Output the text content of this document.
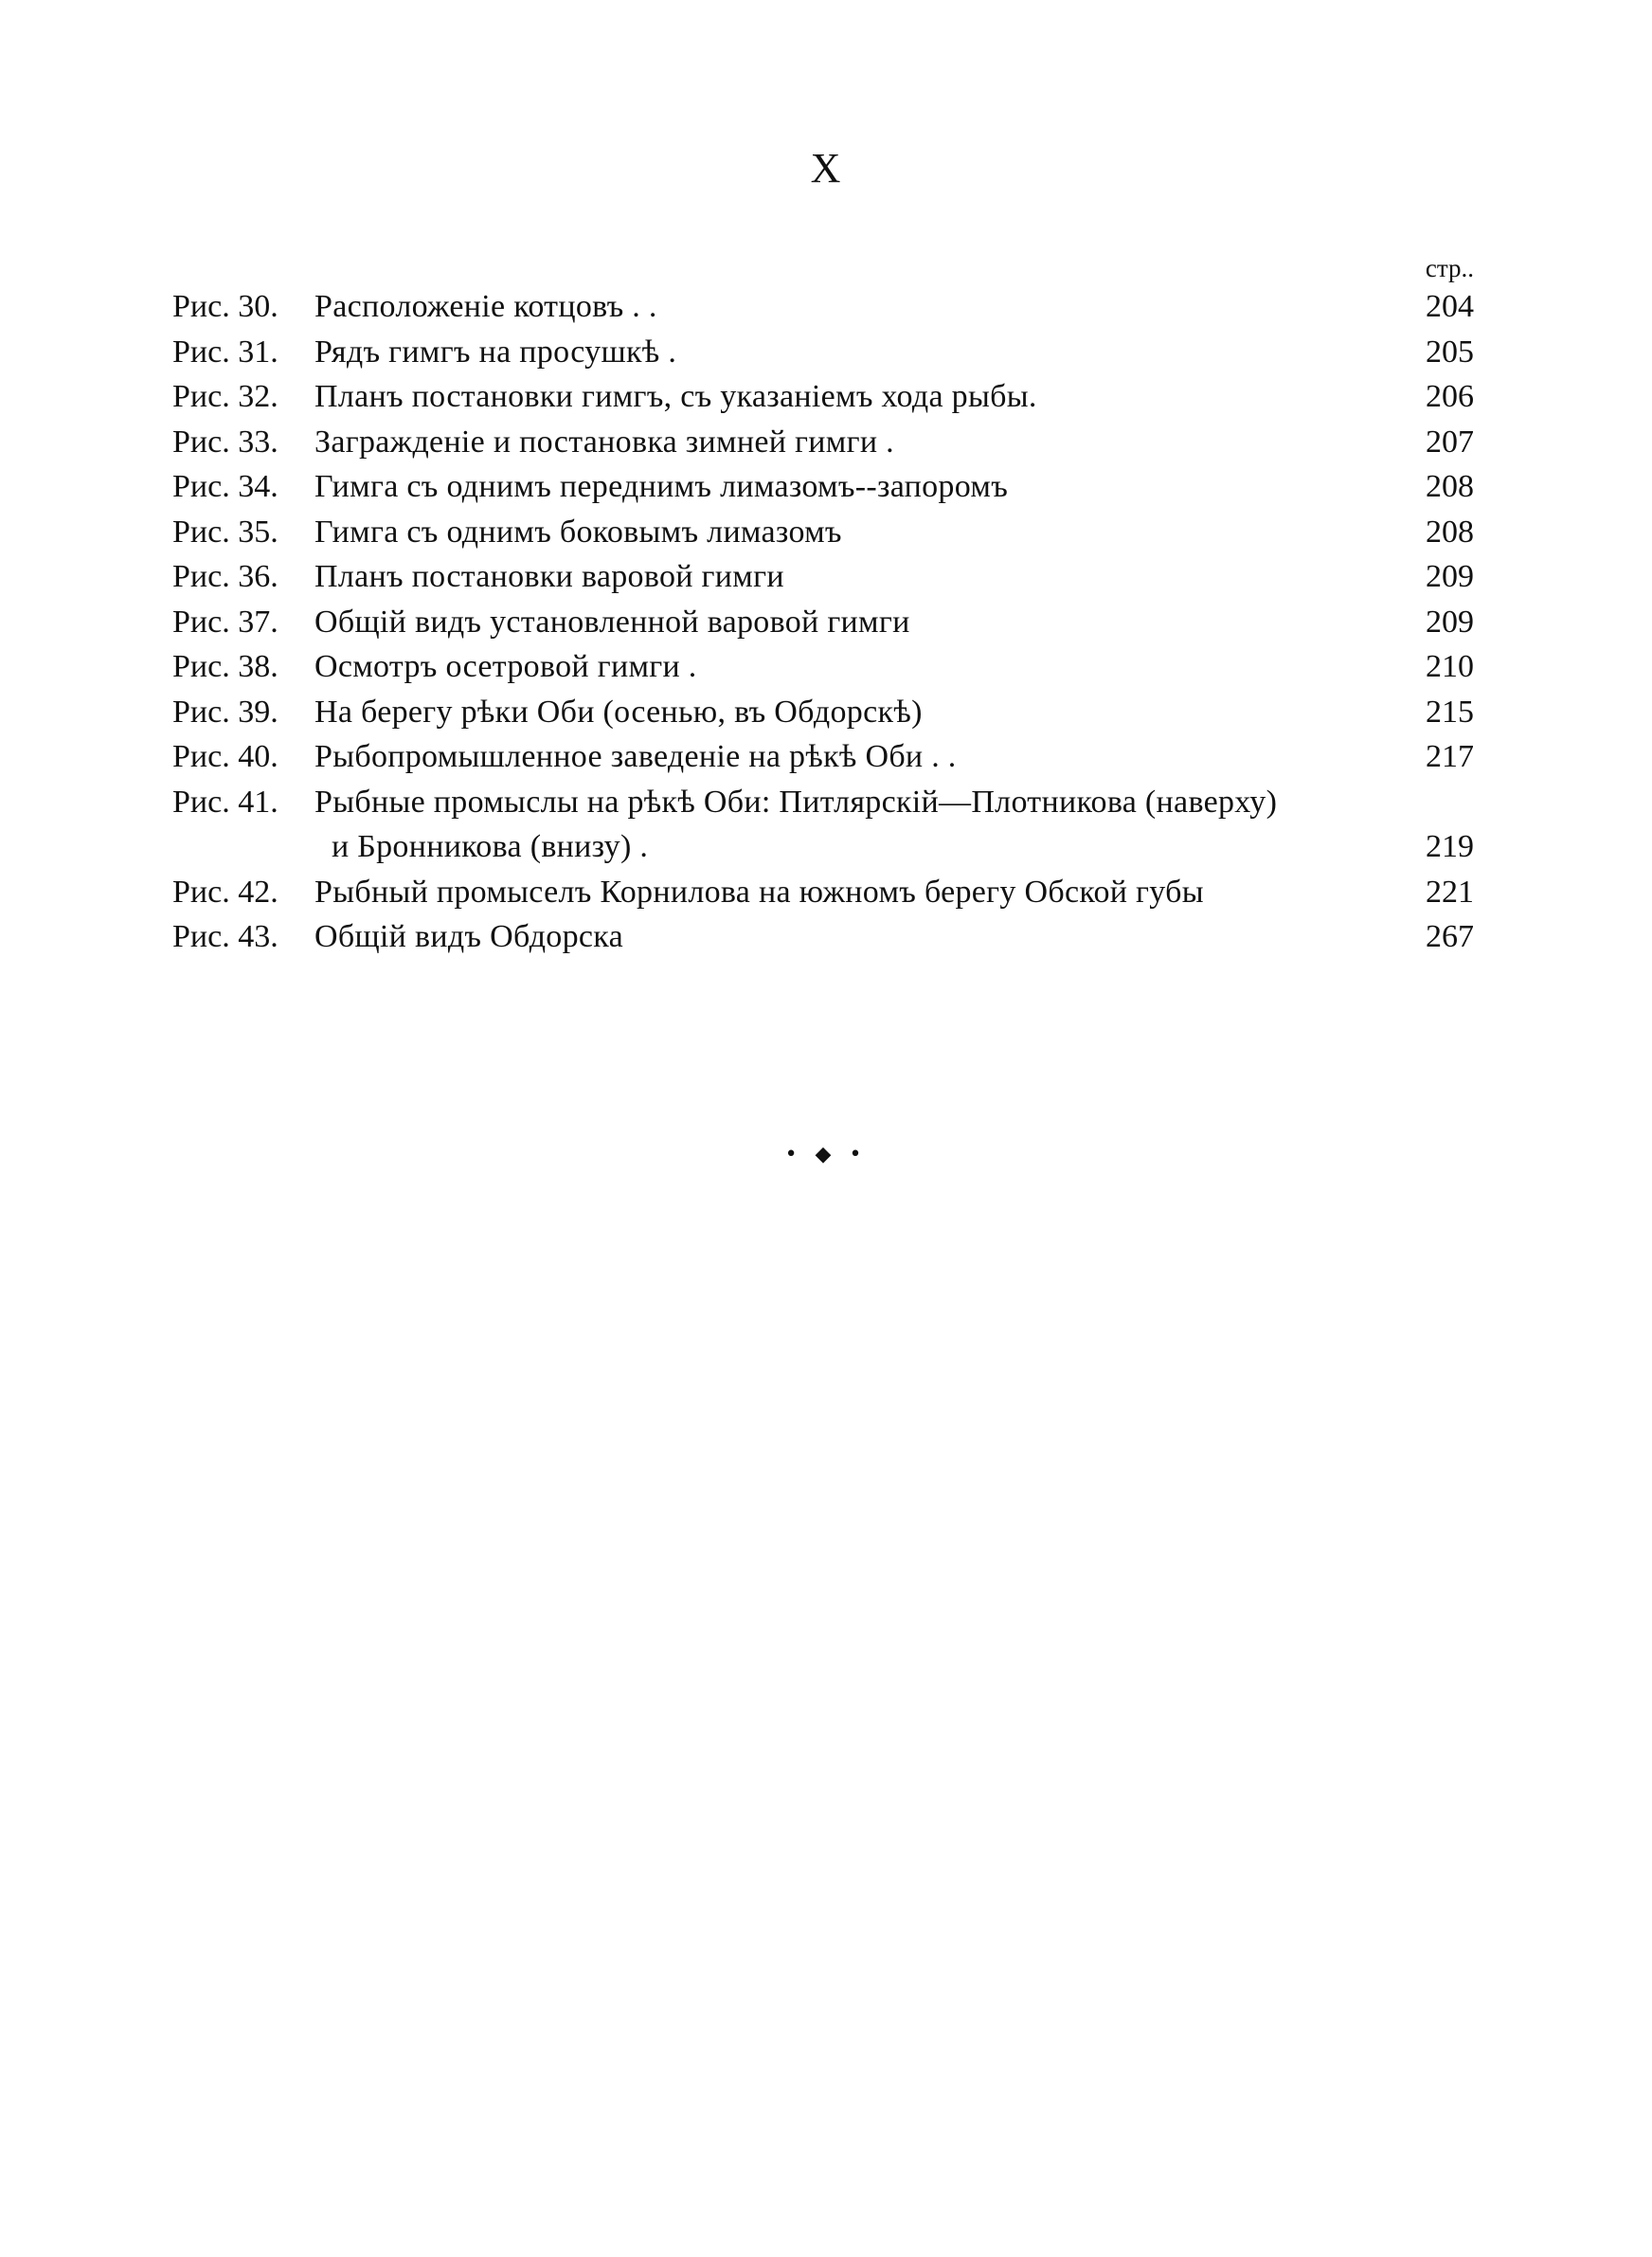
X
стр..
Рис. 30.	Расположенiе котцовъ . .	204
Рис. 31.	Рядъ гимгъ на просушкѣ .	205
Рис. 32.	Планъ постановки гимгъ, съ указанiемъ хода рыбы.	206
Рис. 33.	Загражденiе и постановка зимней гимги .	207
Рис. 34.	Гимга съ однимъ переднимъ лимазомъ--запоромъ	208
Рис. 35.	Гимга съ однимъ боковымъ лимазомъ	208
Рис. 36.	Планъ постановки варовой гимги	209
Рис. 37.	Общiй видъ установленной варовой гимги	209
Рис. 38.	Осмотръ осетровой гимги .	210
Рис. 39.	На берегу рѣки Оби (осенью, въ Обдорскѣ)	215
Рис. 40.	Рыбопромышленное заведенiе на рѣкѣ Оби . .	217
Рис. 41.	Рыбные промыслы на рѣкѣ Оби: Питлярскiй—Плотникова (наверху)
и Бронникова (внизу) .	219
Рис. 42.	Рыбный промыселъ Корнилова на южномъ берегу Обской губы	221
Рис. 43.	Общiй видъ Обдорска	267
• ◆ •
